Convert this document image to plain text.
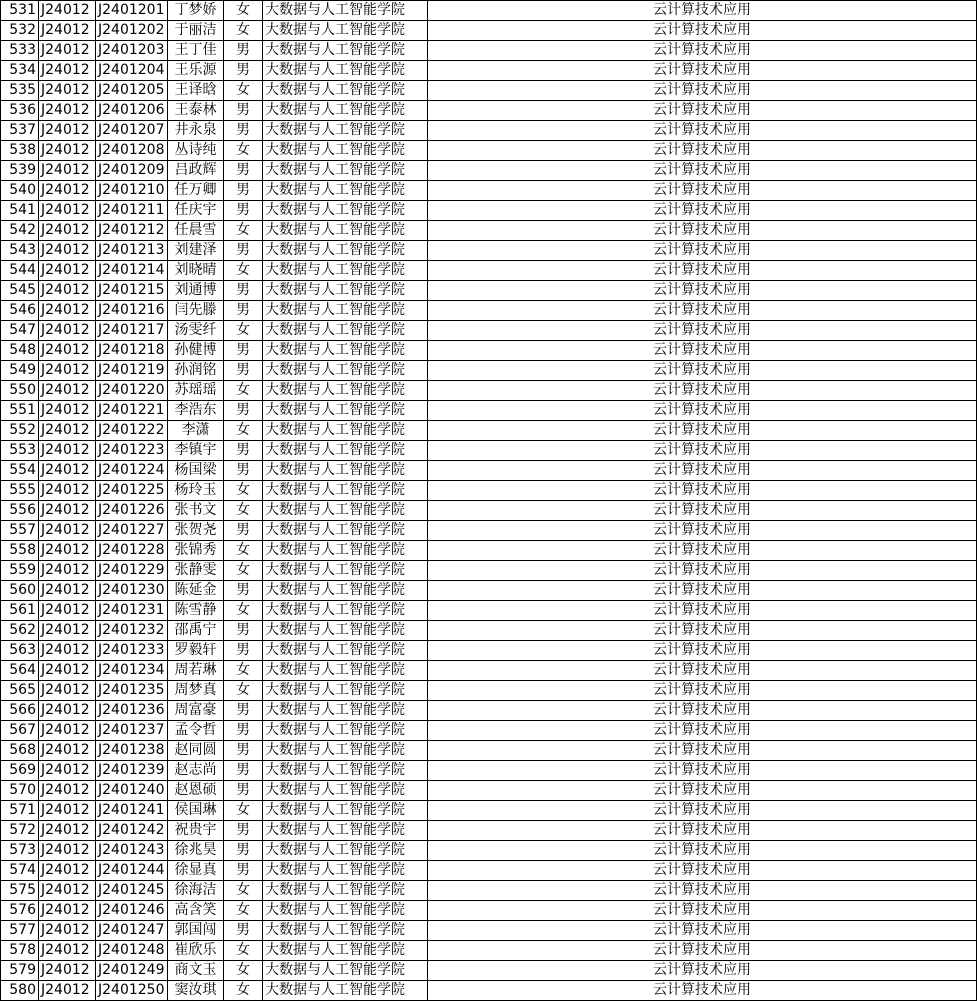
531	J24012	J2401201	丁梦娇	女	大数据与人工智能学院	云计算技术应用
532	J24012	J2401202	于丽洁	女	大数据与人工智能学院	云计算技术应用
533	J24012	J2401203	王丁佳	男	大数据与人工智能学院	云计算技术应用
534	J24012	J2401204	王乐源	男	大数据与人工智能学院	云计算技术应用
535	J24012	J2401205	王译晗	女	大数据与人工智能学院	云计算技术应用
536	J24012	J2401206	王泰林	男	大数据与人工智能学院	云计算技术应用
537	J24012	J2401207	井永泉	男	大数据与人工智能学院	云计算技术应用
538	J24012	J2401208	丛诗纯	女	大数据与人工智能学院	云计算技术应用
539	J24012	J2401209	吕政辉	男	大数据与人工智能学院	云计算技术应用
540	J24012	J2401210	任万卿	男	大数据与人工智能学院	云计算技术应用
541	J24012	J2401211	任庆宇	男	大数据与人工智能学院	云计算技术应用
542	J24012	J2401212	任晨雪	女	大数据与人工智能学院	云计算技术应用
543	J24012	J2401213	刘建泽	男	大数据与人工智能学院	云计算技术应用
544	J24012	J2401214	刘晓晴	女	大数据与人工智能学院	云计算技术应用
545	J24012	J2401215	刘通博	男	大数据与人工智能学院	云计算技术应用
546	J24012	J2401216	闫先滕	男	大数据与人工智能学院	云计算技术应用
547	J24012	J2401217	汤雯纤	女	大数据与人工智能学院	云计算技术应用
548	J24012	J2401218	孙健博	男	大数据与人工智能学院	云计算技术应用
549	J24012	J2401219	孙润铭	男	大数据与人工智能学院	云计算技术应用
550	J24012	J2401220	苏瑶瑶	女	大数据与人工智能学院	云计算技术应用
551	J24012	J2401221	李浩东	男	大数据与人工智能学院	云计算技术应用
552	J24012	J2401222	李潇	女	大数据与人工智能学院	云计算技术应用
553	J24012	J2401223	李镇宇	男	大数据与人工智能学院	云计算技术应用
554	J24012	J2401224	杨国梁	男	大数据与人工智能学院	云计算技术应用
555	J24012	J2401225	杨玲玉	女	大数据与人工智能学院	云计算技术应用
556	J24012	J2401226	张书文	女	大数据与人工智能学院	云计算技术应用
557	J24012	J2401227	张贺尧	男	大数据与人工智能学院	云计算技术应用
558	J24012	J2401228	张锦秀	女	大数据与人工智能学院	云计算技术应用
559	J24012	J2401229	张静雯	女	大数据与人工智能学院	云计算技术应用
560	J24012	J2401230	陈延金	男	大数据与人工智能学院	云计算技术应用
561	J24012	J2401231	陈雪静	女	大数据与人工智能学院	云计算技术应用
562	J24012	J2401232	邵禹宁	男	大数据与人工智能学院	云计算技术应用
563	J24012	J2401233	罗毅轩	男	大数据与人工智能学院	云计算技术应用
564	J24012	J2401234	周若琳	女	大数据与人工智能学院	云计算技术应用
565	J24012	J2401235	周梦真	女	大数据与人工智能学院	云计算技术应用
566	J24012	J2401236	周富豪	男	大数据与人工智能学院	云计算技术应用
567	J24012	J2401237	孟令哲	男	大数据与人工智能学院	云计算技术应用
568	J24012	J2401238	赵同圆	男	大数据与人工智能学院	云计算技术应用
569	J24012	J2401239	赵志尚	男	大数据与人工智能学院	云计算技术应用
570	J24012	J2401240	赵恩硕	男	大数据与人工智能学院	云计算技术应用
571	J24012	J2401241	侯国琳	女	大数据与人工智能学院	云计算技术应用
572	J24012	J2401242	祝贵宇	男	大数据与人工智能学院	云计算技术应用
573	J24012	J2401243	徐兆昊	男	大数据与人工智能学院	云计算技术应用
574	J24012	J2401244	徐显真	男	大数据与人工智能学院	云计算技术应用
575	J24012	J2401245	徐海洁	女	大数据与人工智能学院	云计算技术应用
576	J24012	J2401246	高含笑	女	大数据与人工智能学院	云计算技术应用
577	J24012	J2401247	郭国闯	男	大数据与人工智能学院	云计算技术应用
578	J24012	J2401248	崔欣乐	女	大数据与人工智能学院	云计算技术应用
579	J24012	J2401249	商文玉	女	大数据与人工智能学院	云计算技术应用
580	J24012	J2401250	窦汝琪	女	大数据与人工智能学院	云计算技术应用
